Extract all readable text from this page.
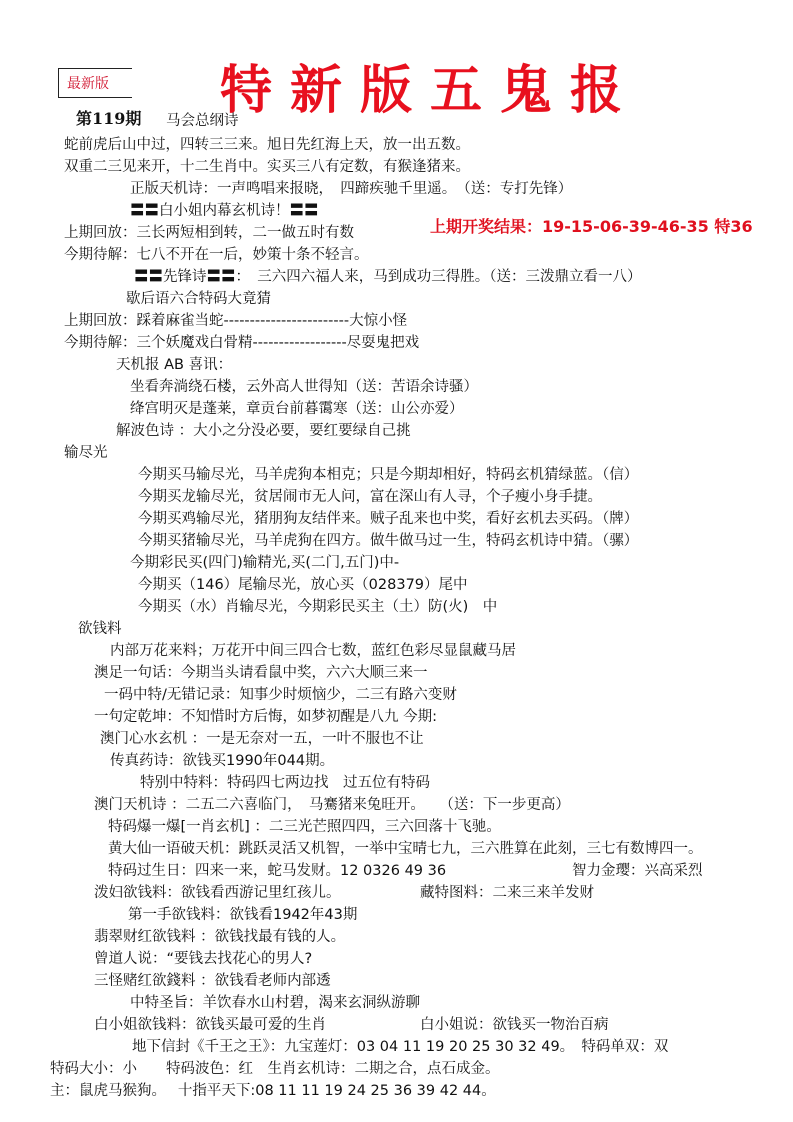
最新版	特新版五鬼报
第119期 马会总纲诗
上期开奖结果：19-15-06-39-46-35 特36
蛇前虎后山中过，四转三三来。旭日先红海上天，放一出五数。
双重二三见来开，十二生肖中。实买三八有定数，有猴逢猪来。
正版天机诗：一声鸣唱来报晓，　四蹄疾驰千里遥。　（送：专打先锋）
〓〓白小姐内幕玄机诗！〓〓
上期回放：三长两短相到转，二一做五时有数
今期待解：七八不开在一后，妙策十条不轻言。
〓〓先锋诗〓〓：　三六四六福人来，马到成功三得胜。（送：三泼鼎立看一八）
歇后语六合特码大竟猜
上期回放：踩着麻雀当蛇------------------------大惊小怪
今期待解：三个妖魔戏白骨精------------------尽耍鬼把戏
天机报 AB 喜讯：
坐看奔淌绕石楼，云外高人世得知（送：苦语余诗骚）
绛宫明灭是蓬莱，章贡台前暮霭寒（送：山公亦爱）
解波色诗 ：大小之分没必要，要红要绿自己挑
输尽光
今期买马输尽光，马羊虎狗本相克；只是今期却相好，特码玄机猜绿蓝。（信）
今期买龙输尽光，贫居闹市无人问，富在深山有人寻，个子瘦小身手捷。
今期买鸡输尽光，猪朋狗友结伴来。贼子乱来也中奖，看好玄机去买码。（牌）
今期买猪输尽光，马羊虎狗在四方。做牛做马过一生，特码玄机诗中猜。（骡）
今期彩民买(四门)输精光,买(二门,五门)中-
今期买（146）尾输尽光，放心买（028379）尾中
今期买（水）肖输尽光，今期彩民买主（土）防(火)　中
欲钱料
内部万花来料；万花开中间三四合七数，蓝红色彩尽显鼠藏马居
澳足一句话：今期当头请看鼠中奖，六六大顺三来一
一码中特/无错记录：知事少时烦恼少，二三有路六变财
一句定乾坤：不知惜时方后悔，如梦初醒是八九 今期:
澳门心水玄机 ：一是无奈对一五，一叶不服也不让
传真药诗：欲钱买1990年044期。
特别中特料：特码四七两边找　过五位有特码
澳门天机诗 ：二五二六喜临门，　马騫猪来兔旺开。　　（送：下一步更高）
特码爆一爆[一肖玄机] ：二三光芒照四四，三六回落十飞驰。
黄大仙一语破天机：跳跃灵活又机智，一举中宝晴七九，三六胜算在此刻，三七有数博四一。
特码过生日：四来一来，蛇马发财。12 0326 49 36	智力金璎：兴高采烈
泼妇欲钱料：欲钱看西游记里红孩儿。	藏特图料：二来三来羊发财
第一手欲钱料：欲钱看1942年43期
翡翠财红欲钱料 ：欲钱找最有钱的人。
曾道人说：“要钱去找花心的男人?
三怪赌红欲錢料 ：欲钱看老师内部透
中特圣旨：羊饮春水山村碧，渴来玄洞纵游聊
白小姐欲钱料：欲钱买最可爱的生肖	白小姐说：欲钱买一物治百病
地下信封《千王之王》：九宝莲灯：03 04 11 19 20 25 30 32 49。　特码单双：双
特码大小：小　　特码波色：红　生肖玄机诗：二期之合，点石成金。
主：鼠虎马猴狗。　 十指平天下:08 11 11 19 24 25 36 39 42 44。
